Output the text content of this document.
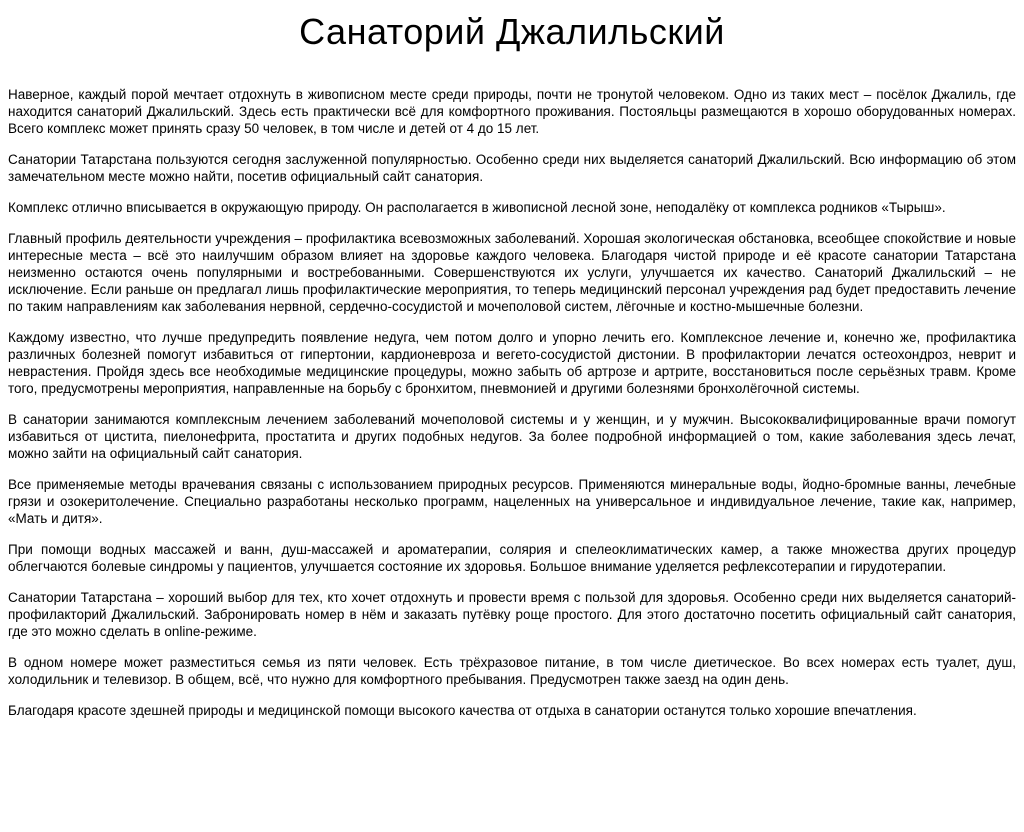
Санаторий Джалильский

Наверное, каждый порой мечтает отдохнуть в живописном месте среди природы, почти не тронутой человеком. Одно из таких мест – посёлок Джалиль, где находится санаторий Джалильский. Здесь есть практически всё для комфортного проживания. Постояльцы размещаются в хорошо оборудованных номерах. Всего комплекс может принять сразу 50 человек, в том числе и детей от 4 до 15 лет.

Санатории Татарстана пользуются сегодня заслуженной популярностью. Особенно среди них выделяется санаторий Джалильский. Всю информацию об этом замечательном месте можно найти, посетив официальный сайт санатория.

Комплекс отлично вписывается в окружающую природу. Он располагается в живописной лесной зоне, неподалёку от комплекса родников «Тырыш».

Главный профиль деятельности учреждения – профилактика всевозможных заболеваний. Хорошая экологическая обстановка, всеобщее спокойствие и новые интересные места – всё это наилучшим образом влияет на здоровье каждого человека. Благодаря чистой природе и её красоте санатории Татарстана неизменно остаются очень популярными и востребованными. Совершенствуются их услуги, улучшается их качество. Санаторий Джалильский – не исключение. Если раньше он предлагал лишь профилактические мероприятия, то теперь медицинский персонал учреждения рад будет предоставить лечение по таким направлениям как заболевания нервной, сердечно-сосудистой и мочеполовой систем, лёгочные и костно-мышечные болезни.

Каждому известно, что лучше предупредить появление недуга, чем потом долго и упорно лечить его. Комплексное лечение и, конечно же, профилактика различных болезней помогут избавиться от гипертонии, кардионевроза и вегето-сосудистой дистонии. В профилактории лечатся остеохондроз, неврит и невраcтения. Пройдя здесь все необходимые медицинские процедуры, можно забыть об артрозе и артрите, восстановиться после серьёзных травм. Кроме того, предусмотрены мероприятия, направленные на борьбу с бронхитом, пневмонией и другими болезнями бронхолёгочной системы.

В санатории занимаются комплексным лечением заболеваний мочеполовой системы и у женщин, и у мужчин. Высококвалифицированные врачи помогут избавиться от цистита, пиелонефрита, простатита и других подобных недугов. За более подробной информацией о том, какие заболевания здесь лечат, можно зайти на официальный сайт санатория.

Все применяемые методы врачевания связаны с использованием природных ресурсов. Применяются минеральные воды, йодно-бромные ванны, лечебные грязи и озокеритолечение. Специально разработаны несколько программ, нацеленных на универсальное и индивидуальное лечение, такие как, например, «Мать и дитя».

При помощи водных массажей и ванн, душ-массажей и ароматерапии, солярия и спелеоклиматических камер, а также множества других процедур облегчаются болевые синдромы у пациентов, улучшается состояние их здоровья. Большое внимание уделяется рефлексотерапии и гирудотерапии.

Санатории Татарстана – хороший выбор для тех, кто хочет отдохнуть и провести время с пользой для здоровья. Особенно среди них выделяется санаторий-профилакторий Джалильский. Забронировать номер в нём и заказать путёвку роще простого. Для этого достаточно посетить официальный сайт санатория, где это можно сделать в online-режиме.

В одном номере может разместиться семья из пяти человек. Есть трёхразовое питание, в том числе диетическое. Во всех номерах есть туалет, душ, холодильник и телевизор. В общем, всё, что нужно для комфортного пребывания. Предусмотрен также заезд на один день.

Благодаря красоте здешней природы и медицинской помощи высокого качества от отдыха в санатории останутся только хорошие впечатления.
